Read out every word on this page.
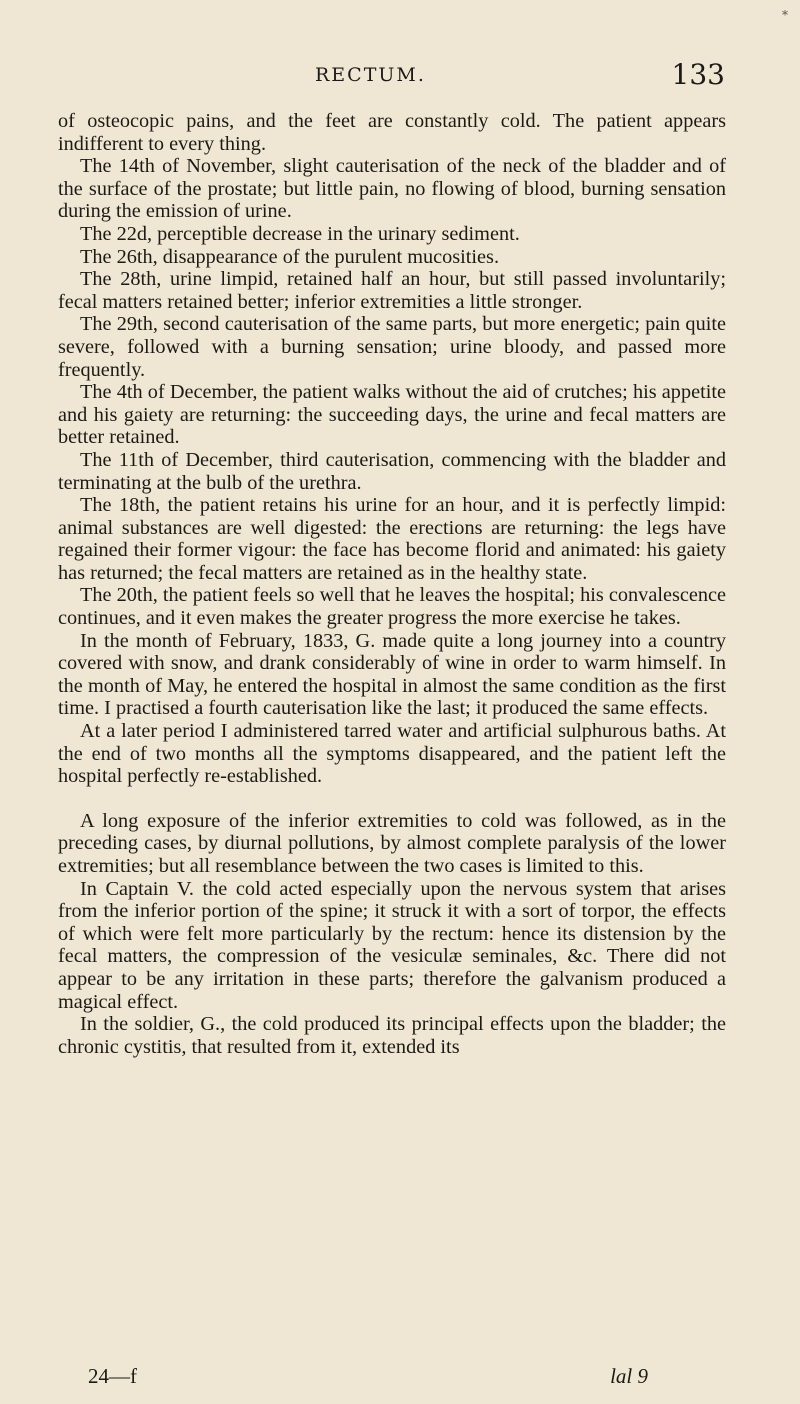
*
RECTUM.	133

of osteocopic pains, and the feet are constantly cold. The patient appears indifferent to every thing.

The 14th of November, slight cauterisation of the neck of the bladder and of the surface of the prostate; but little pain, no flowing of blood, burning sensation during the emission of urine.

The 22d, perceptible decrease in the urinary sediment.

The 26th, disappearance of the purulent mucosities.

The 28th, urine limpid, retained half an hour, but still passed involuntarily; fecal matters retained better; inferior extremities a little stronger.

The 29th, second cauterisation of the same parts, but more energetic; pain quite severe, followed with a burning sensation; urine bloody, and passed more frequently.

The 4th of December, the patient walks without the aid of crutches; his appetite and his gaiety are returning: the succeeding days, the urine and fecal matters are better retained.

The 11th of December, third cauterisation, commencing with the bladder and terminating at the bulb of the urethra.

The 18th, the patient retains his urine for an hour, and it is perfectly limpid: animal substances are well digested: the erections are returning: the legs have regained their former vigour: the face has become florid and animated: his gaiety has returned; the fecal matters are retained as in the healthy state.

The 20th, the patient feels so well that he leaves the hospital; his convalescence continues, and it even makes the greater progress the more exercise he takes.

In the month of February, 1833, G. made quite a long journey into a country covered with snow, and drank considerably of wine in order to warm himself. In the month of May, he entered the hospital in almost the same condition as the first time. I practised a fourth cauterisation like the last; it produced the same effects.

At a later period I administered tarred water and artificial sulphurous baths. At the end of two months all the symptoms disappeared, and the patient left the hospital perfectly re-established.

A long exposure of the inferior extremities to cold was followed, as in the preceding cases, by diurnal pollutions, by almost complete paralysis of the lower extremities; but all resemblance between the two cases is limited to this.

In Captain V. the cold acted especially upon the nervous system that arises from the inferior portion of the spine; it struck it with a sort of torpor, the effects of which were felt more particularly by the rectum: hence its distension by the fecal matters, the compression of the vesiculæ seminales, &c. There did not appear to be any irritation in these parts; therefore the galvanism produced a magical effect.

In the soldier, G., the cold produced its principal effects upon the bladder; the chronic cystitis, that resulted from it, extended its

24—f	lal 9
